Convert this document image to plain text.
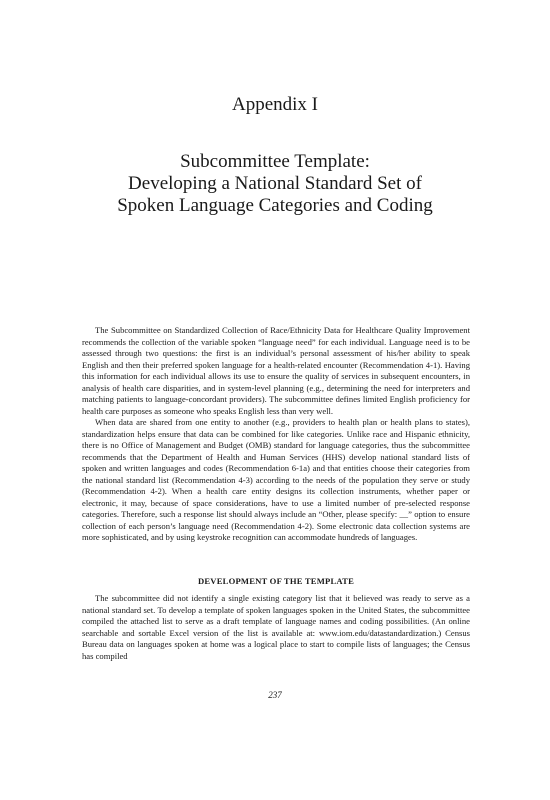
Appendix I
Subcommittee Template:
Developing a National Standard Set of
Spoken Language Categories and Coding

The Subcommittee on Standardized Collection of Race/Ethnicity Data for Healthcare Quality Improvement recommends the collection of the variable spoken “language need” for each individual. Language need is to be assessed through two questions: the first is an individual’s personal assessment of his/her ability to speak English and then their preferred spoken language for a health-related encounter (Recommendation 4-1). Having this information for each individual allows its use to ensure the quality of services in subsequent encounters, in analysis of health care disparities, and in system-level planning (e.g., determining the need for interpreters and matching patients to language-concordant providers). The subcommittee defines limited English proficiency for health care purposes as someone who speaks English less than very well.

When data are shared from one entity to another (e.g., providers to health plan or health plans to states), standardization helps ensure that data can be combined for like categories. Unlike race and Hispanic ethnicity, there is no Office of Management and Budget (OMB) standard for language categories, thus the subcommittee recommends that the Department of Health and Human Services (HHS) develop national standard lists of spoken and written languages and codes (Recommendation 6-1a) and that entities choose their categories from the national standard list (Recommendation 4-3) according to the needs of the population they serve or study (Recommendation 4-2). When a health care entity designs its collection instruments, whether paper or electronic, it may, because of space considerations, have to use a limited number of pre-selected response categories. Therefore, such a response list should always include an “Other, please specify: __” option to ensure collection of each person’s language need (Recommendation 4-2). Some electronic data collection systems are more sophisticated, and by using keystroke recognition can accommodate hundreds of languages.

DEVELOPMENT OF THE TEMPLATE

The subcommittee did not identify a single existing category list that it believed was ready to serve as a national standard set. To develop a template of spoken languages spoken in the United States, the subcommittee compiled the attached list to serve as a draft template of language names and coding possibilities. (An online searchable and sortable Excel version of the list is available at: www.iom.edu/datastandardization.) Census Bureau data on languages spoken at home was a logical place to start to compile lists of languages; the Census has compiled

237
